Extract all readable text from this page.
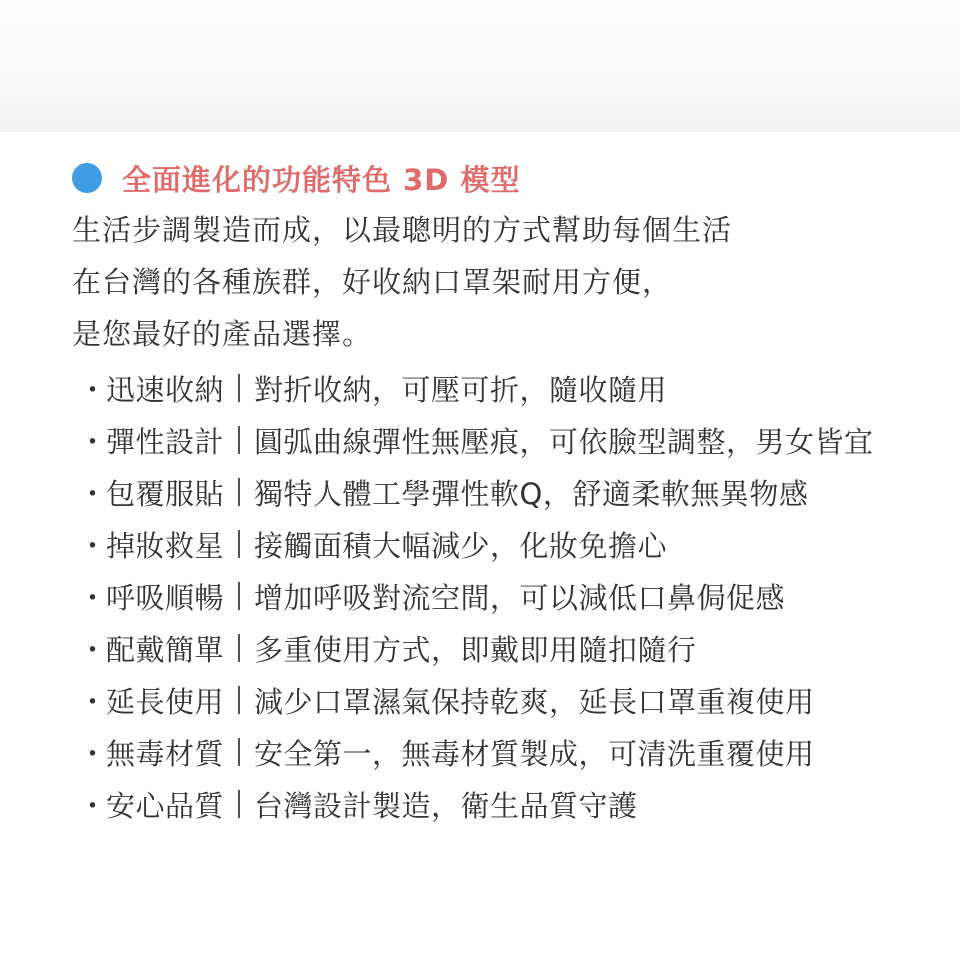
全面進化的功能特色 3D 模型
生活步調製造而成，以最聰明的方式幫助每個生活
在台灣的各種族群，好收納口罩架耐用方便，
是您最好的產品選擇。
・
迅速收納 對折收納，可壓可折，隨收隨用
・
彈性設計 圓弧曲線彈性無壓痕，可依臉型調整，男女皆宜
・
包覆服貼 獨特人體工學彈性軟Q，舒適柔軟無異物感
・
掉妝救星 接觸面積大幅減少，化妝免擔心
・
呼吸順暢 增加呼吸對流空間，可以減低口鼻侷促感
・
配戴簡單 多重使用方式，即戴即用隨扣隨行
・
延長使用 減少口罩濕氣保持乾爽，延長口罩重複使用
・
無毒材質 安全第一，無毒材質製成，可清洗重覆使用
・
安心品質 台灣設計製造，衛生品質守護
